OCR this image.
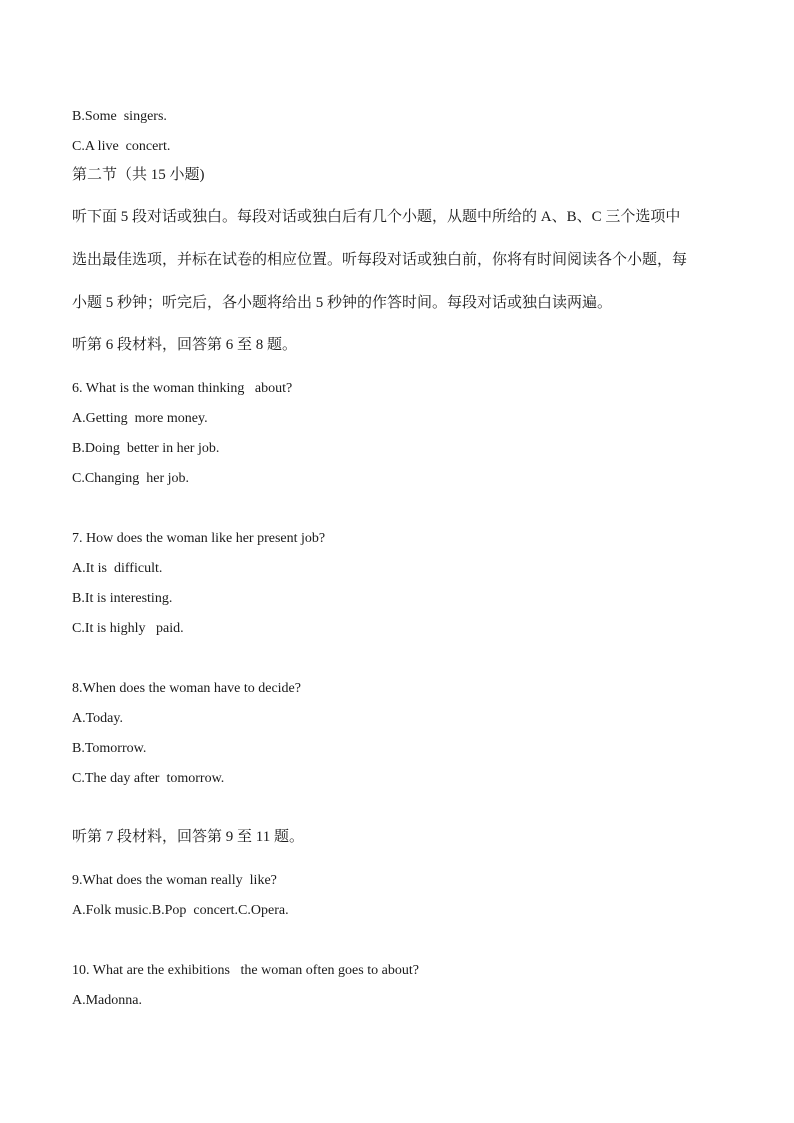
B.Some  singers.
C.A live  concert.
第二节（共 15 小题)
听下面 5 段对话或独白。每段对话或独白后有几个小题，从题中所给的 A、B、C 三个选项中
选出最佳选项，并标在试卷的相应位置。听每段对话或独白前，你将有时间阅读各个小题，每
小题 5 秒钟；听完后，各小题将给出 5 秒钟的作答时间。每段对话或独白读两遍。
听第 6 段材料，回答第 6 至 8 题。
6. What is the woman thinking   about?
A.Getting  more money.
B.Doing  better in her job.
C.Changing  her job.
7. How does the woman like her present job?
A.It is  difficult.
B.It is interesting.
C.It is highly   paid.
8.When does the woman have to decide?
A.Today.
B.Tomorrow.
C.The day after  tomorrow.
听第 7 段材料，回答第 9 至 11 题。
9.What does the woman really  like?
A.Folk music.B.Pop  concert.C.Opera.
10. What are the exhibitions   the woman often goes to about?
A.Madonna.
